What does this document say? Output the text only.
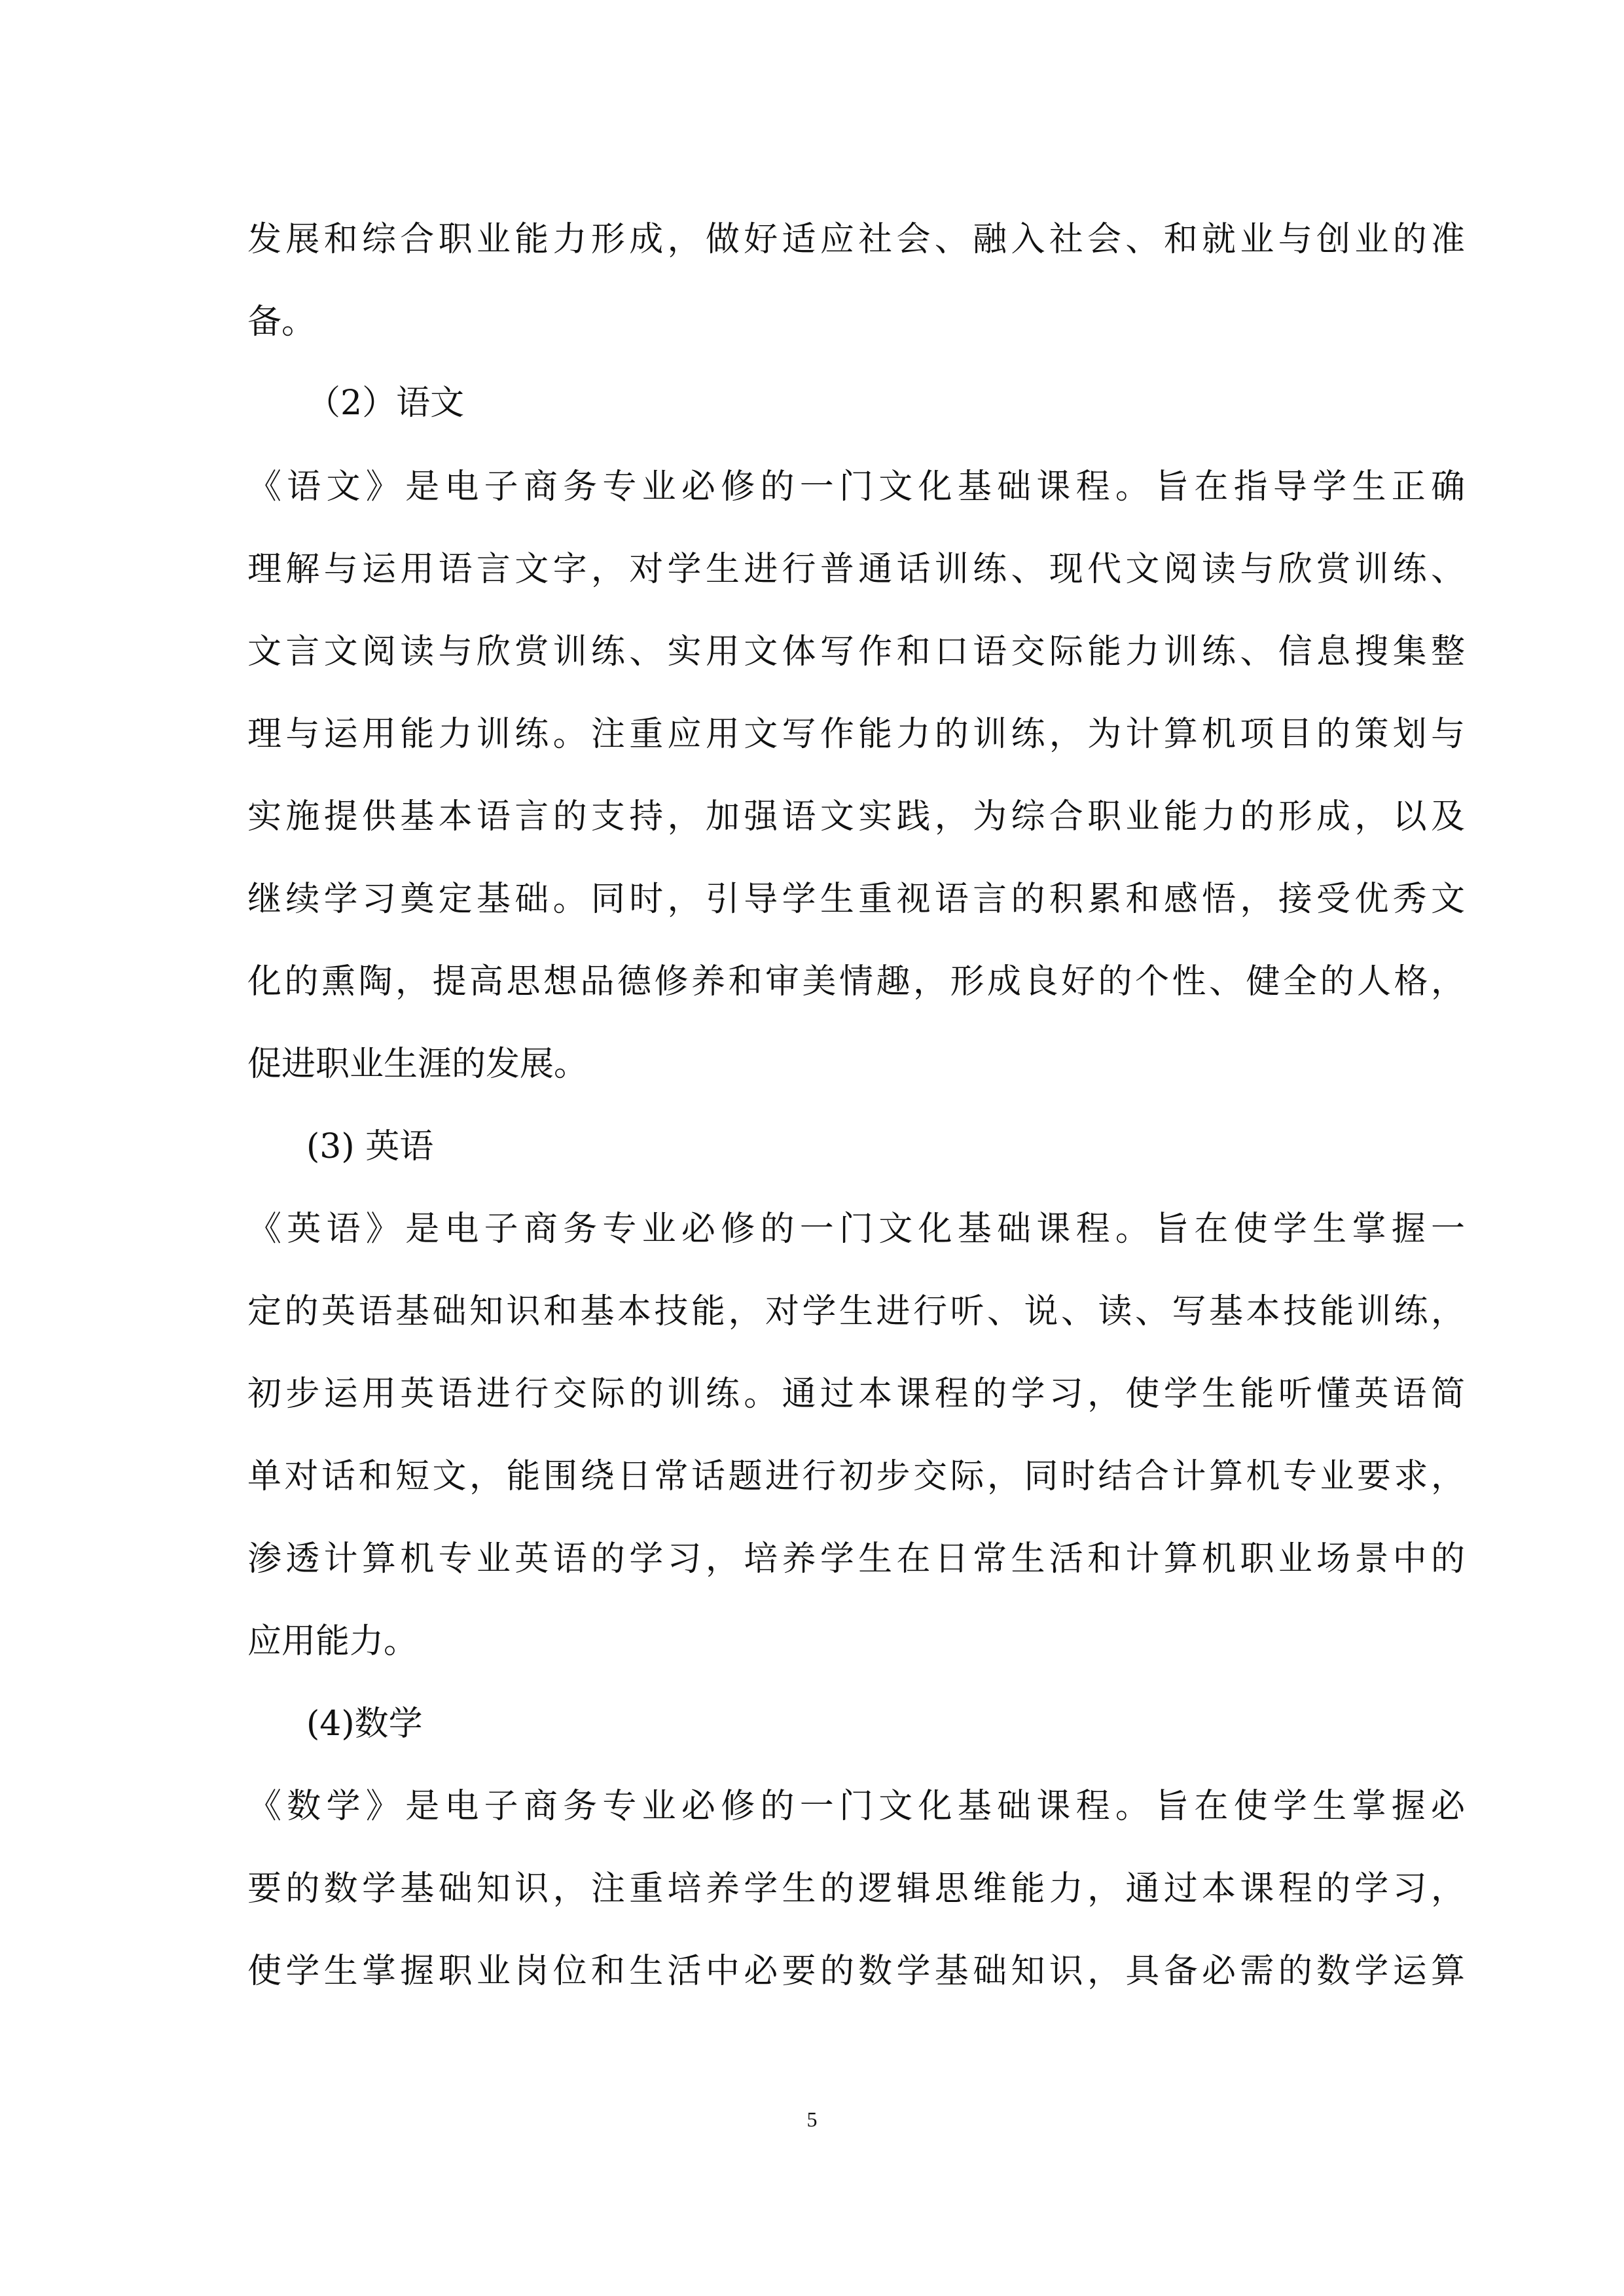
发展和综合职业能力形成，做好适应社会、融入社会、和就业与创业的准
备。
（2）语文
《语文》是电子商务专业必修的一门文化基础课程。旨在指导学生正确
理解与运用语言文字，对学生进行普通话训练、现代文阅读与欣赏训练、
文言文阅读与欣赏训练、实用文体写作和口语交际能力训练、信息搜集整
理与运用能力训练。注重应用文写作能力的训练，为计算机项目的策划与
实施提供基本语言的支持，加强语文实践，为综合职业能力的形成，以及
继续学习奠定基础。同时，引导学生重视语言的积累和感悟，接受优秀文
化的熏陶，提高思想品德修养和审美情趣，形成良好的个性、健全的人格，
促进职业生涯的发展。
(3) 英语
《英语》是电子商务专业必修的一门文化基础课程。旨在使学生掌握一
定的英语基础知识和基本技能，对学生进行听、说、读、写基本技能训练，
初步运用英语进行交际的训练。通过本课程的学习，使学生能听懂英语简
单对话和短文，能围绕日常话题进行初步交际，同时结合计算机专业要求，
渗透计算机专业英语的学习，培养学生在日常生活和计算机职业场景中的
应用能力。
(4)数学
《数学》是电子商务专业必修的一门文化基础课程。旨在使学生掌握必
要的数学基础知识，注重培养学生的逻辑思维能力，通过本课程的学习，
使学生掌握职业岗位和生活中必要的数学基础知识，具备必需的数学运算
5
